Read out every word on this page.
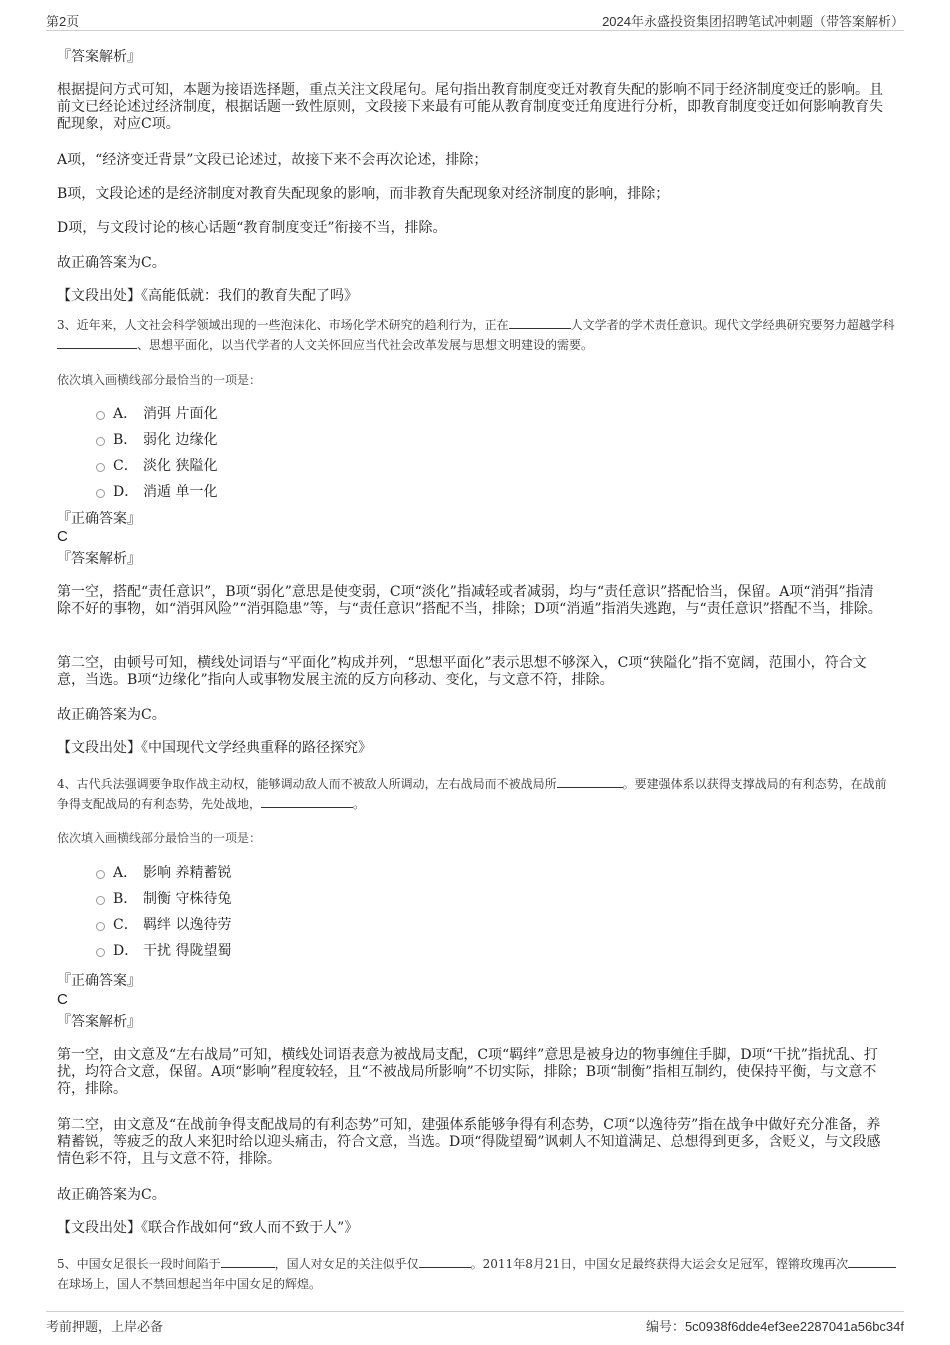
第2页	2024年永盛投资集团招聘笔试冲刺题（带答案解析）
『答案解析』
根据提问方式可知，本题为接语选择题，重点关注文段尾句。尾句指出教育制度变迁对教育失配的影响不同于经济制度变迁的影响。且前文已经论述过经济制度，根据话题一致性原则，文段接下来最有可能从教育制度变迁角度进行分析，即教育制度变迁如何影响教育失配现象，对应C项。
A项，“经济变迁背景”文段已论述过，故接下来不会再次论述，排除；
B项，文段论述的是经济制度对教育失配现象的影响，而非教育失配现象对经济制度的影响，排除；
D项，与文段讨论的核心话题“教育制度变迁”衔接不当，排除。
故正确答案为C。
【文段出处】《高能低就：我们的教育失配了吗》
3、近年来，人文社会科学领域出现的一些泡沫化、市场化学术研究的趋利行为，正在	人文学者的学术责任意识。现代文学经典研究要努力超越学科、思想平面化，以当代学者的人文关怀回应当代社会改革发展与思想文明建设的需要。
依次填入画横线部分最恰当的一项是：
A． 消弭 片面化
B． 弱化 边缘化
C． 淡化 狭隘化
D． 消遁 单一化
『正确答案』
C
『答案解析』
第一空，搭配“责任意识”，B项“弱化”意思是使变弱，C项“淡化”指减轻或者减弱，均与“责任意识”搭配恰当，保留。A项“消弭”指清除不好的事物，如“消弭风险”“消弭隐患”等，与“责任意识”搭配不当，排除；D项“消遁”指消失逃跑，与“责任意识”搭配不当，排除。
第二空，由顿号可知，横线处词语与“平面化”构成并列，“思想平面化”表示思想不够深入，C项“狭隘化”指不宽阔，范围小，符合文意，当选。B项“边缘化”指向人或事物发展主流的反方向移动、变化，与文意不符，排除。
故正确答案为C。
【文段出处】《中国现代文学经典重释的路径探究》
4、古代兵法强调要争取作战主动权，能够调动敌人而不被敌人所调动，左右战局而不被战局所	。要建强体系以获得支撑战局的有利态势，在战前争得支配战局的有利态势，先处战地，	。
依次填入画横线部分最恰当的一项是：
A． 影响 养精蓄锐
B． 制衡 守株待兔
C． 羁绊 以逸待劳
D． 干扰 得陇望蜀
『正确答案』
C
『答案解析』
第一空，由文意及“左右战局”可知，横线处词语表意为被战局支配，C项“羁绊”意思是被身边的物事缠住手脚，D项“干扰”指扰乱、打扰，均符合文意，保留。A项“影响”程度较轻，且“不被战局所影响”不切实际，排除；B项“制衡”指相互制约，使保持平衡，与文意不符，排除。
第二空，由文意及“在战前争得支配战局的有利态势”可知，建强体系能够争得有利态势，C项“以逸待劳”指在战争中做好充分准备，养精蓄锐，等疲乏的敌人来犯时给以迎头痛击，符合文意，当选。D项“得陇望蜀”讽刺人不知道满足、总想得到更多，含贬义，与文段感情色彩不符，且与文意不符，排除。
故正确答案为C。
【文段出处】《联合作战如何“致人而不致于人”》
5、中国女足很长一段时间陷于	，国人对女足的关注似乎仅	。2011年8月21日，中国女足最终获得大运会女足冠军，铿锵玫瑰再次在球场上，国人不禁回想起当年中国女足的辉煌。
考前押题，上岸必备	编号：5c0938f6dde4ef3ee2287041a56bc34f
